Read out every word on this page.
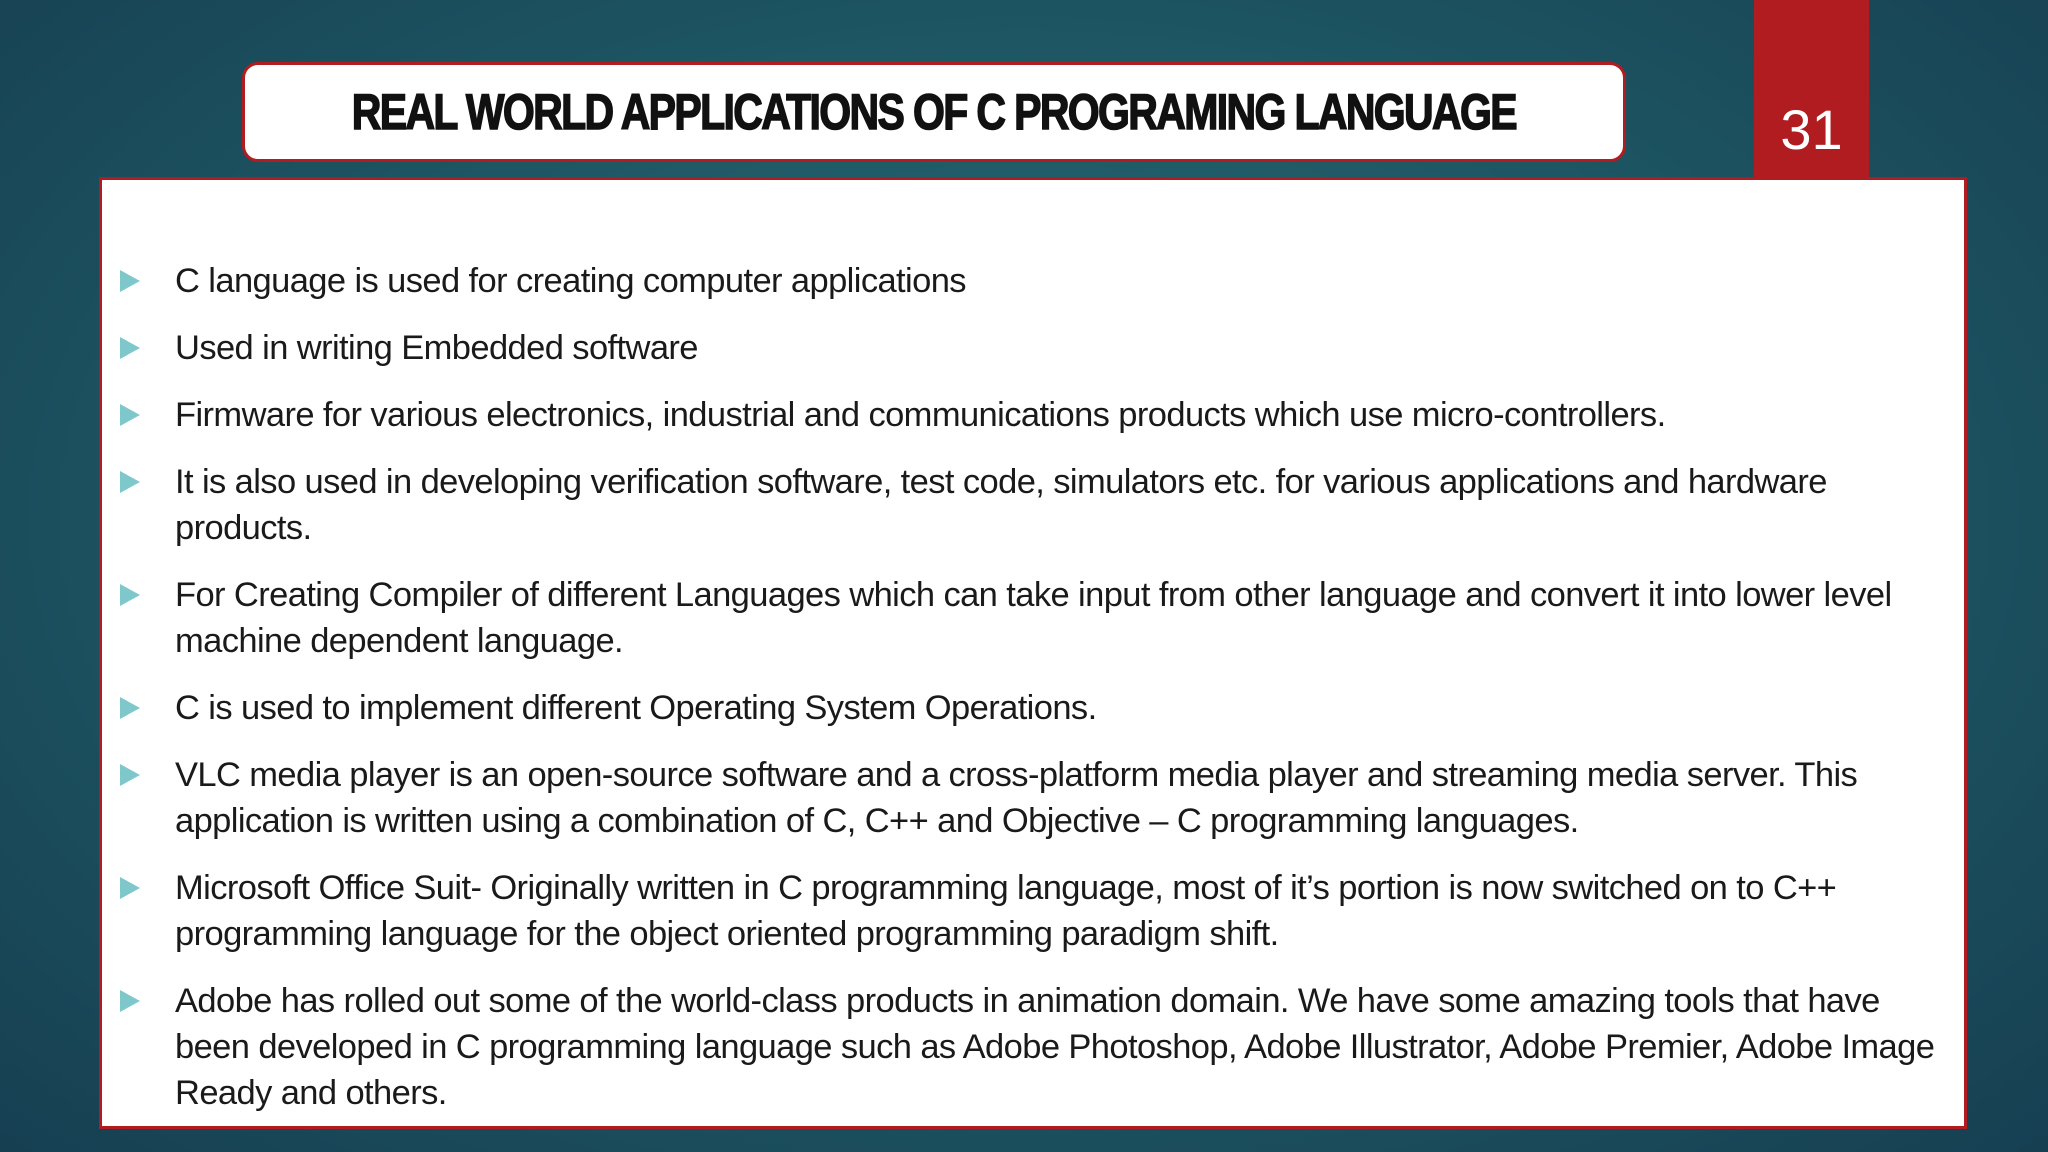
REAL WORLD APPLICATIONS OF C PROGRAMING LANGUAGE	31
C language is used for creating computer applications
Used in writing Embedded software
Firmware for various electronics, industrial and communications products which use micro-controllers.
It is also used in developing verification software, test code, simulators etc. for various applications and hardware products.
For Creating Compiler of different Languages which can take input from other language and convert it into lower level machine dependent language.
C is used to implement different Operating System Operations.
VLC media player is an open-source software and a cross-platform media player and streaming media server. This application is written using a combination of C, C++ and Objective – C programming languages.
Microsoft Office Suit- Originally written in C programming language, most of it’s portion is now switched on to C++ programming language for the object oriented programming paradigm shift.
Adobe has rolled out some of the world-class products in animation domain. We have some amazing tools that have been developed in C programming language such as Adobe Photoshop, Adobe Illustrator, Adobe Premier, Adobe Image Ready and others.
